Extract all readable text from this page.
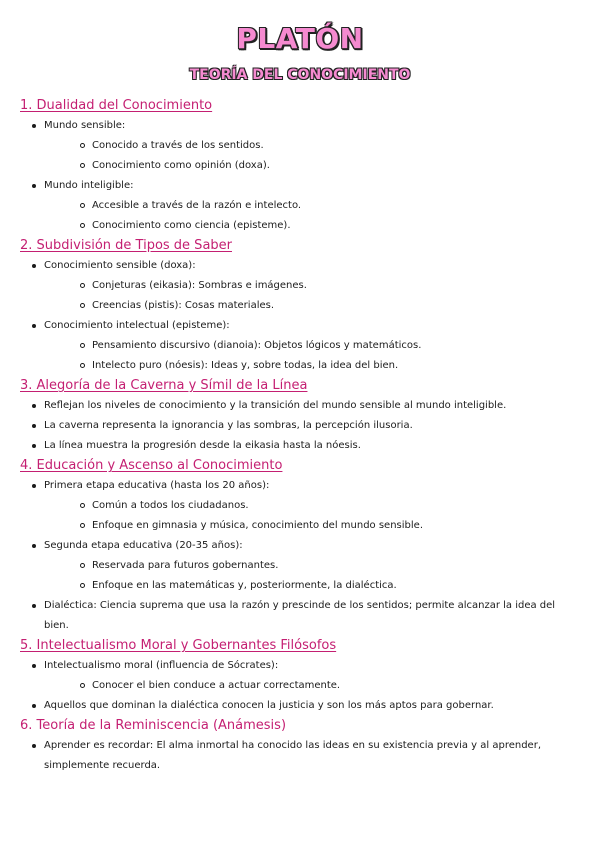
PLATÓN
TEORÍA DEL CONOCIMIENTO
1. Dualidad del Conocimiento
Mundo sensible:
Conocido a través de los sentidos.
Conocimiento como opinión (doxa).
Mundo inteligible:
Accesible a través de la razón e intelecto.
Conocimiento como ciencia (episteme).
2. Subdivisión de Tipos de Saber
Conocimiento sensible (doxa):
Conjeturas (eikasia): Sombras e imágenes.
Creencias (pistis): Cosas materiales.
Conocimiento intelectual (episteme):
Pensamiento discursivo (dianoia): Objetos lógicos y matemáticos.
Intelecto puro (nóesis): Ideas y, sobre todas, la idea del bien.
3. Alegoría de la Caverna y Símil de la Línea
Reflejan los niveles de conocimiento y la transición del mundo sensible al mundo inteligible.
La caverna representa la ignorancia y las sombras, la percepción ilusoria.
La línea muestra la progresión desde la eikasia hasta la nóesis.
4. Educación y Ascenso al Conocimiento
Primera etapa educativa (hasta los 20 años):
Común a todos los ciudadanos.
Enfoque en gimnasia y música, conocimiento del mundo sensible.
Segunda etapa educativa (20-35 años):
Reservada para futuros gobernantes.
Enfoque en las matemáticas y, posteriormente, la dialéctica.
Dialéctica: Ciencia suprema que usa la razón y prescinde de los sentidos; permite alcanzar la idea del bien.
5. Intelectualismo Moral y Gobernantes Filósofos
Intelectualismo moral (influencia de Sócrates):
Conocer el bien conduce a actuar correctamente.
Aquellos que dominan la dialéctica conocen la justicia y son los más aptos para gobernar.
6. Teoría de la Reminiscencia (Anámesis)
Aprender es recordar: El alma inmortal ha conocido las ideas en su existencia previa y al aprender, simplemente recuerda.
